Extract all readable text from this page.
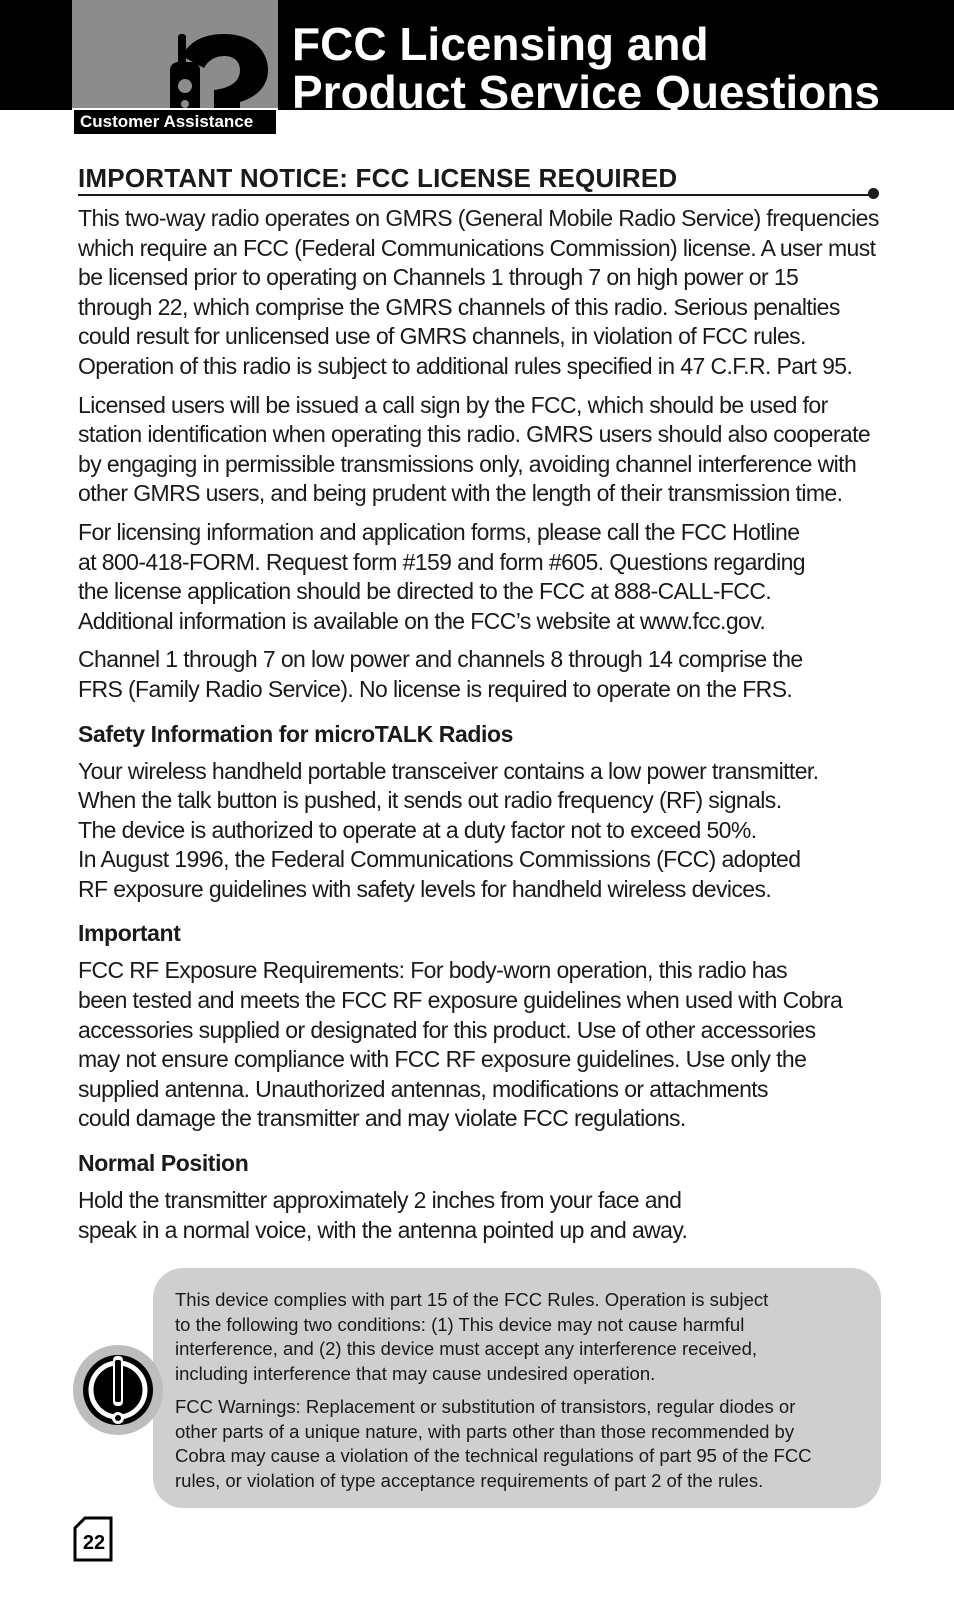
Customer Assistance
FCC Licensing and
Product Service Questions
IMPORTANT NOTICE: FCC LICENSE REQUIRED
This two-way radio operates on GMRS (General Mobile Radio Service) frequencies
which require an FCC (Federal Communications Commission) license. A user must
be licensed prior to operating on Channels 1 through 7 on high power or 15
through 22, which comprise the GMRS channels of this radio. Serious penalties
could result for unlicensed use of GMRS channels, in violation of FCC rules.
Operation of this radio is subject to additional rules specified in 47 C.F.R. Part 95.
Licensed users will be issued a call sign by the FCC, which should be used for
station identification when operating this radio. GMRS users should also cooperate
by engaging in permissible transmissions only, avoiding channel interference with
other GMRS users, and being prudent with the length of their transmission time.
For licensing information and application forms, please call the FCC Hotline
at 800-418-FORM. Request form #159 and form #605. Questions regarding
the license application should be directed to the FCC at 888-CALL-FCC.
Additional information is available on the FCC’s website at www.fcc.gov.
Channel 1 through 7 on low power and channels 8 through 14 comprise the
FRS (Family Radio Service). No license is required to operate on the FRS.
Safety Information for microTALK Radios
Your wireless handheld portable transceiver contains a low power transmitter.
When the talk button is pushed, it sends out radio frequency (RF) signals.
The device is authorized to operate at a duty factor not to exceed 50%.
In August 1996, the Federal Communications Commissions (FCC) adopted
RF exposure guidelines with safety levels for handheld wireless devices.
Important
FCC RF Exposure Requirements: For body-worn operation, this radio has
been tested and meets the FCC RF exposure guidelines when used with Cobra
accessories supplied or designated for this product. Use of other accessories
may not ensure compliance with FCC RF exposure guidelines. Use only the
supplied antenna. Unauthorized antennas, modifications or attachments
could damage the transmitter and may violate FCC regulations.
Normal Position
Hold the transmitter approximately 2 inches from your face and
speak in a normal voice, with the antenna pointed up and away.

This device complies with part 15 of the FCC Rules. Operation is subject
to the following two conditions: (1) This device may not cause harmful
interference, and (2) this device must accept any interference received,
including interference that may cause undesired operation.

FCC Warnings: Replacement or substitution of transistors, regular diodes or
other parts of a unique nature, with parts other than those recommended by
Cobra may cause a violation of the technical regulations of part 95 of the FCC
rules, or violation of type acceptance requirements of part 2 of the rules.

22
